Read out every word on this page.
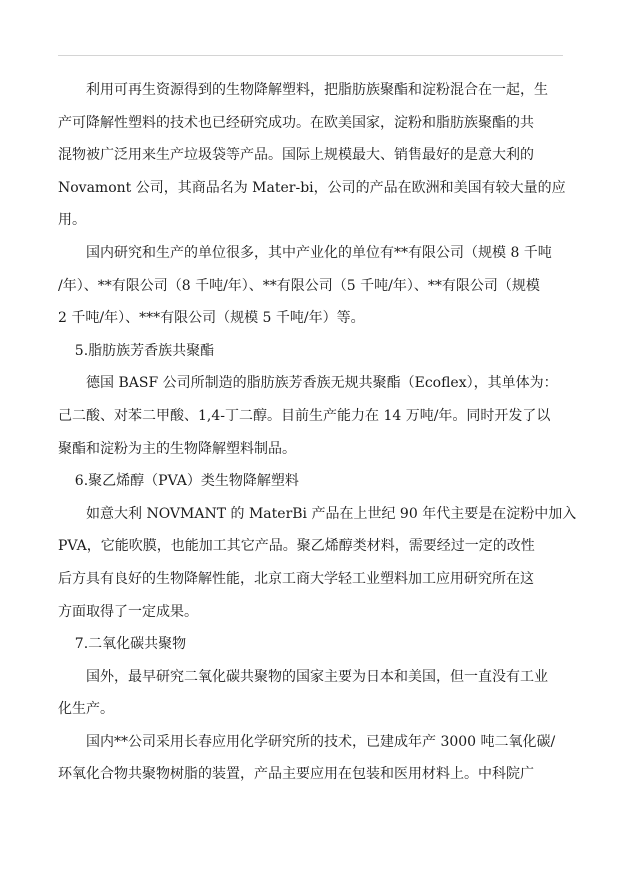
利用可再生资源得到的生物降解塑料，把脂肪族聚酯和淀粉混合在一起，生
产可降解性塑料的技术也已经研究成功。在欧美国家，淀粉和脂肪族聚酯的共
混物被广泛用来生产垃圾袋等产品。国际上规模最大、销售最好的是意大利的
Novamont 公司，其商品名为 Mater-bi，公司的产品在欧洲和美国有较大量的应
用。

国内研究和生产的单位很多，其中产业化的单位有**有限公司（规模 8 千吨
/年）、**有限公司（8 千吨/年）、**有限公司（5 千吨/年）、**有限公司（规模
2 千吨/年）、***有限公司（规模 5 千吨/年）等。

5.脂肪族芳香族共聚酯

德国 BASF 公司所制造的脂肪族芳香族无规共聚酯（Ecoflex），其单体为：
己二酸、对苯二甲酸、1,4-丁二醇。目前生产能力在 14 万吨/年。同时开发了以
聚酯和淀粉为主的生物降解塑料制品。

6.聚乙烯醇（PVA）类生物降解塑料

如意大利 NOVMANT 的 MaterBi 产品在上世纪 90 年代主要是在淀粉中加入
PVA，它能吹膜，也能加工其它产品。聚乙烯醇类材料，需要经过一定的改性
后方具有良好的生物降解性能，北京工商大学轻工业塑料加工应用研究所在这
方面取得了一定成果。

7.二氧化碳共聚物

国外，最早研究二氧化碳共聚物的国家主要为日本和美国，但一直没有工业
化生产。

国内**公司采用长春应用化学研究所的技术，已建成年产 3000 吨二氧化碳/
环氧化合物共聚物树脂的装置，产品主要应用在包装和医用材料上。中科院广
